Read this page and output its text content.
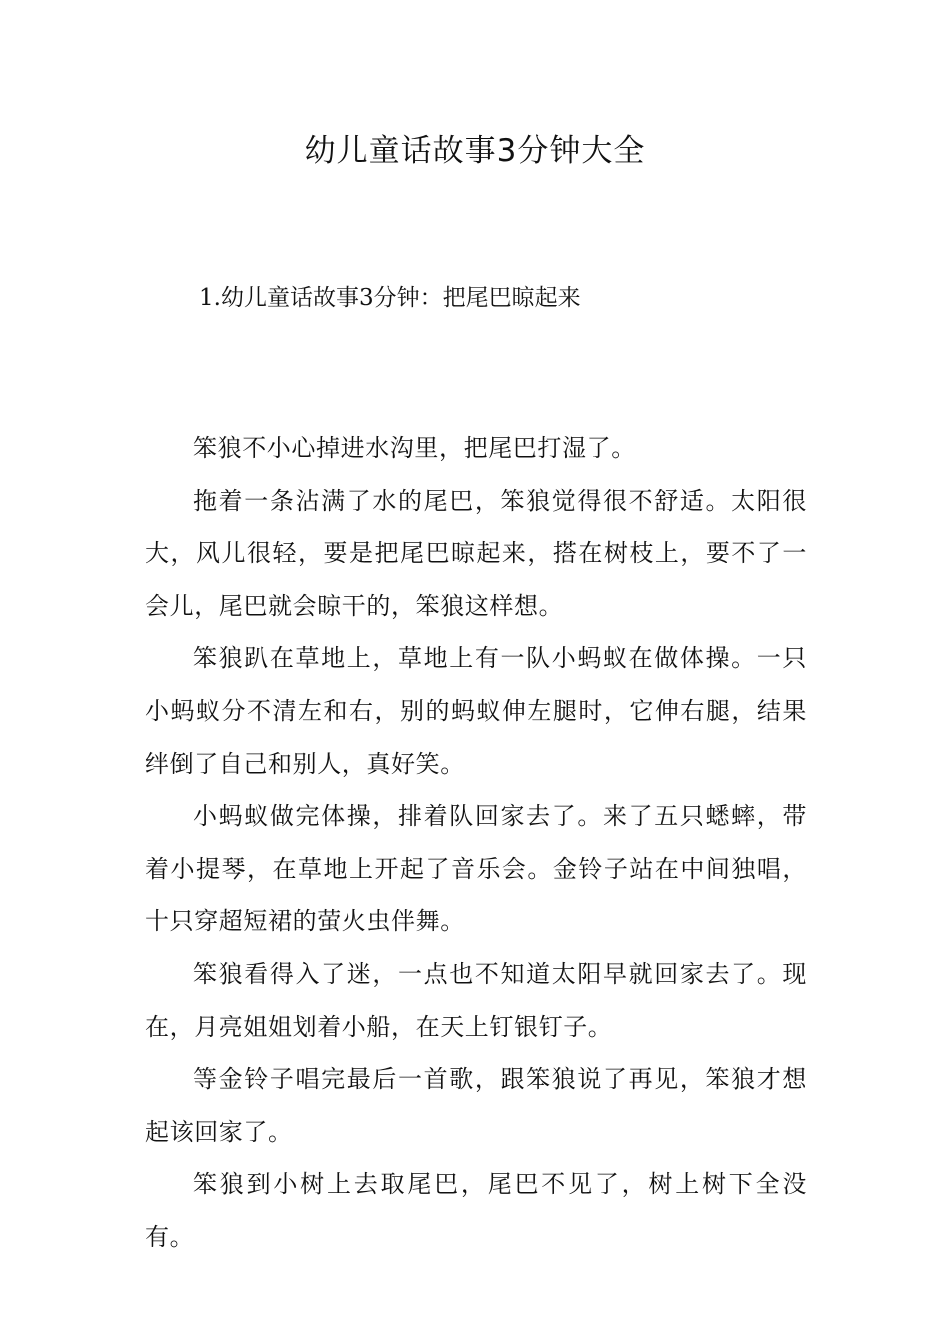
幼儿童话故事3分钟大全
1.幼儿童话故事3分钟：把尾巴晾起来

笨狼不小心掉进水沟里，把尾巴打湿了。

拖着一条沾满了水的尾巴，笨狼觉得很不舒适。太阳很大，风儿很轻，要是把尾巴晾起来，搭在树枝上，要不了一会儿，尾巴就会晾干的，笨狼这样想。

笨狼趴在草地上，草地上有一队小蚂蚁在做体操。一只小蚂蚁分不清左和右，别的蚂蚁伸左腿时，它伸右腿，结果绊倒了自己和别人，真好笑。

小蚂蚁做完体操，排着队回家去了。来了五只蟋蟀，带着小提琴，在草地上开起了音乐会。金铃子站在中间独唱，十只穿超短裙的萤火虫伴舞。

笨狼看得入了迷，一点也不知道太阳早就回家去了。现在，月亮姐姐划着小船，在天上钉银钉子。

等金铃子唱完最后一首歌，跟笨狼说了再见，笨狼才想起该回家了。

笨狼到小树上去取尾巴，尾巴不见了，树上树下全没有。
